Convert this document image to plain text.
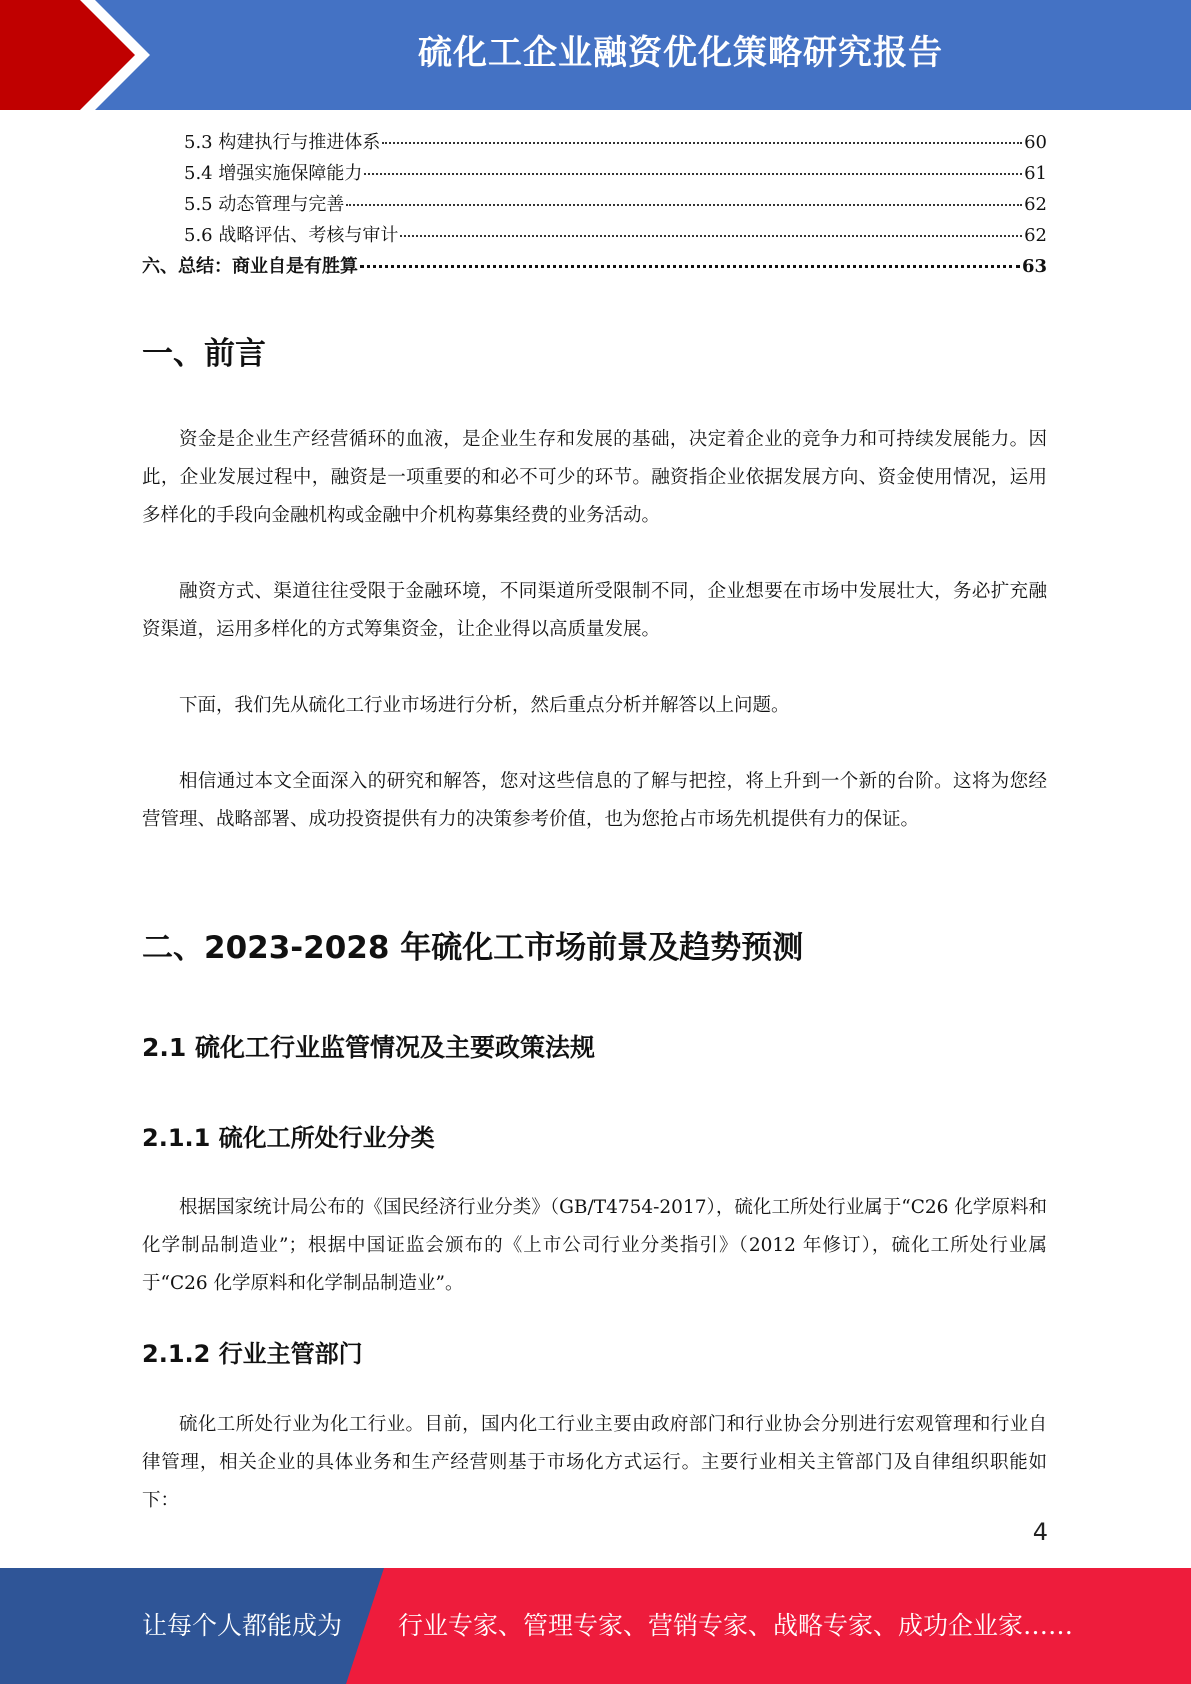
硫化工企业融资优化策略研究报告
5.3 构建执行与推进体系	60
5.4 增强实施保障能力	61
5.5 动态管理与完善	62
5.6 战略评估、考核与审计	62
六、总结：商业自是有胜算	63
一、前言

资金是企业生产经营循环的血液，是企业生存和发展的基础，决定着企业的竞争力和可持续发展能力。因此，企业发展过程中，融资是一项重要的和必不可少的环节。融资指企业依据发展方向、资金使用情况，运用多样化的手段向金融机构或金融中介机构募集经费的业务活动。

融资方式、渠道往往受限于金融环境，不同渠道所受限制不同，企业想要在市场中发展壮大，务必扩充融资渠道，运用多样化的方式筹集资金，让企业得以高质量发展。

下面，我们先从硫化工行业市场进行分析，然后重点分析并解答以上问题。

相信通过本文全面深入的研究和解答，您对这些信息的了解与把控，将上升到一个新的台阶。这将为您经营管理、战略部署、成功投资提供有力的决策参考价值，也为您抢占市场先机提供有力的保证。

二、2023-2028 年硫化工市场前景及趋势预测
2.1 硫化工行业监管情况及主要政策法规
2.1.1 硫化工所处行业分类

根据国家统计局公布的《国民经济行业分类》（GB/T4754-2017），硫化工所处行业属于“C26 化学原料和化学制品制造业”；根据中国证监会颁布的《上市公司行业分类指引》（2012 年修订），硫化工所处行业属于“C26 化学原料和化学制品制造业”。

2.1.2 行业主管部门

硫化工所处行业为化工行业。目前，国内化工行业主要由政府部门和行业协会分别进行宏观管理和行业自律管理，相关企业的具体业务和生产经营则基于市场化方式运行。主要行业相关主管部门及自律组织职能如下：

4
让每个人都能成为 行业专家、管理专家、营销专家、战略专家、成功企业家……
